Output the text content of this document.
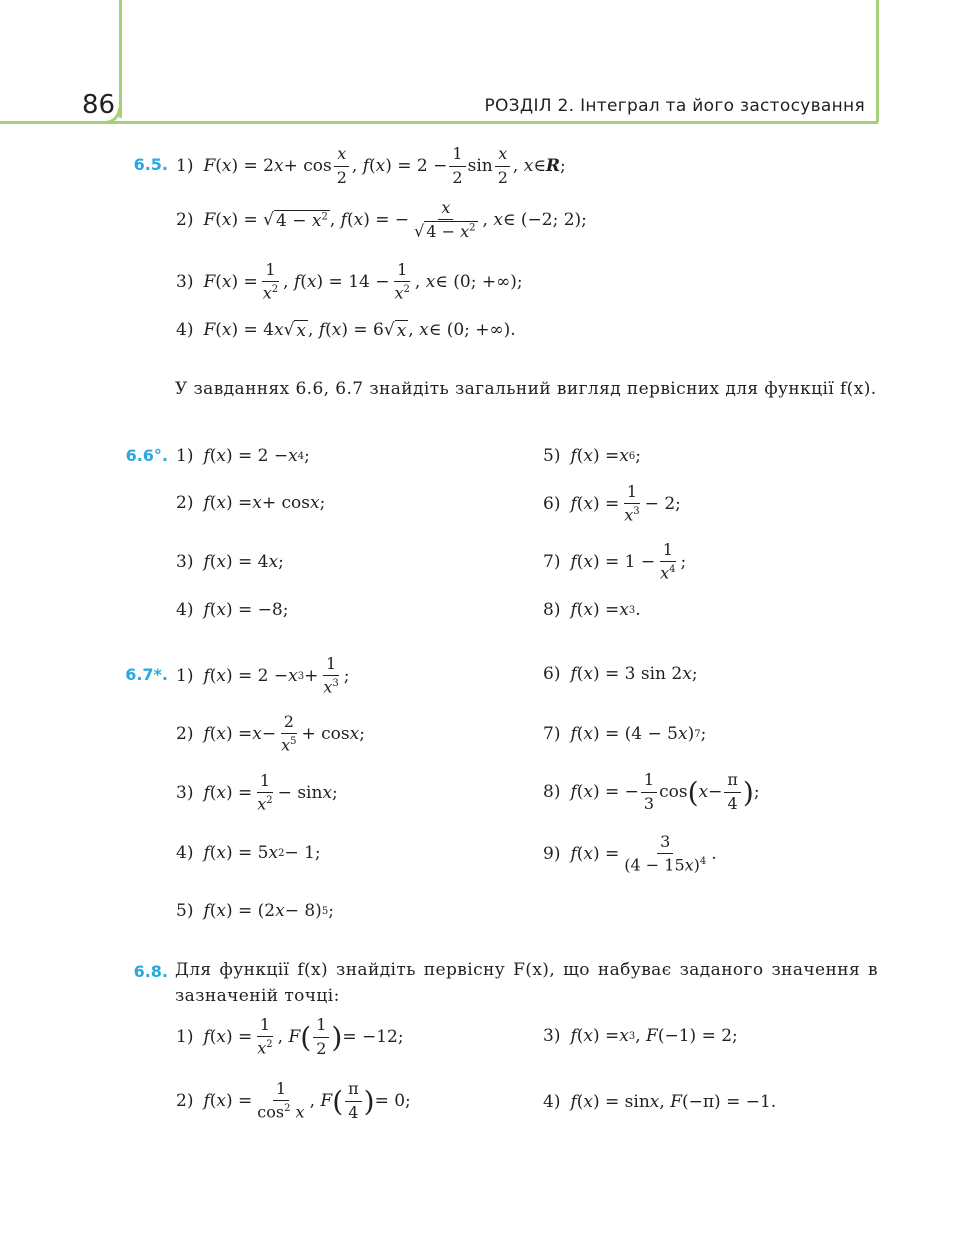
86	РОЗДІЛ 2. Інтеграл та його застосування
6.5. 1) F ( x ) = 2 $x + \cos \frac{x}{2}$ , f ( x ) = $2 - \frac{1}{2}$ $\sin \frac{x}{2}$ , x ∈ R ;
2) F ( x ) = √ $4 - x^2$ , f ( x ) = − $\frac{x}{√ 4 - x^2}$ , x ∈ (−2; 2);
3) F ( x ) = $\frac{1}{x^2}$ , f ( x ) = $14 - \frac{1}{x^2}$ , x ∈ (0; +∞);
4) F ( x ) = 4 x √ x , f ( x ) = 6√ x , x ∈ (0; +∞).
У завданнях 6.6, 6.7 знайдіть загальний вигляд первісних для функції f(x).
6.6°. 1) f ( x ) = 2 − x 4 ;
2) f ( x ) = x + cos x ;
3) f ( x ) = 4 x ;
4) f ( x ) = −8;
5) f ( x ) = x 6 ;
6) f ( x ) = $\frac{1}{x^3} - 2$;
7) f ( x ) = $1 - \frac{1}{x^4}$ ;
8) f ( x ) = x 3 .
6.7*. 1) f ( x ) = 2 − x $3 + \frac{1}{x^3}$ ;
2) f ( x ) = $x - \frac{2}{x^5} + \cos x$ ;
3) f ( x ) = $\frac{1}{x^2} - \sin x$ ;
4) f ( x ) = 5 x 2 − 1;
5) f ( x ) = (2 x − 8) 5 ;
6) f ( x ) = 3 sin 2 x ;
7) f ( x ) = (4 − 5 x ) 7 ;
8) f ( x ) = − $\frac{1}{3}$ cos ( $x - \frac{\pi}{4}$ ) ;
9) f ( x ) = $\frac{3}{(4 - 15x)^4}$ .
6.8. Для функції f(x) знайдіть первісну F(x), що набуває заданого значення в зазначеній точці:
1) f ( x ) = $\frac{1}{x^2}$ , F ( $\frac{1}{2}$ ) = −12;
2) f ( x ) = $\frac{1}{\cos^2 x}$ , F ( $\frac{\pi}{4}$ ) = 0;
3) f ( x ) = x 3 , F (−1) = 2;
4) f ( x ) = sin x , F (−π) = −1.
